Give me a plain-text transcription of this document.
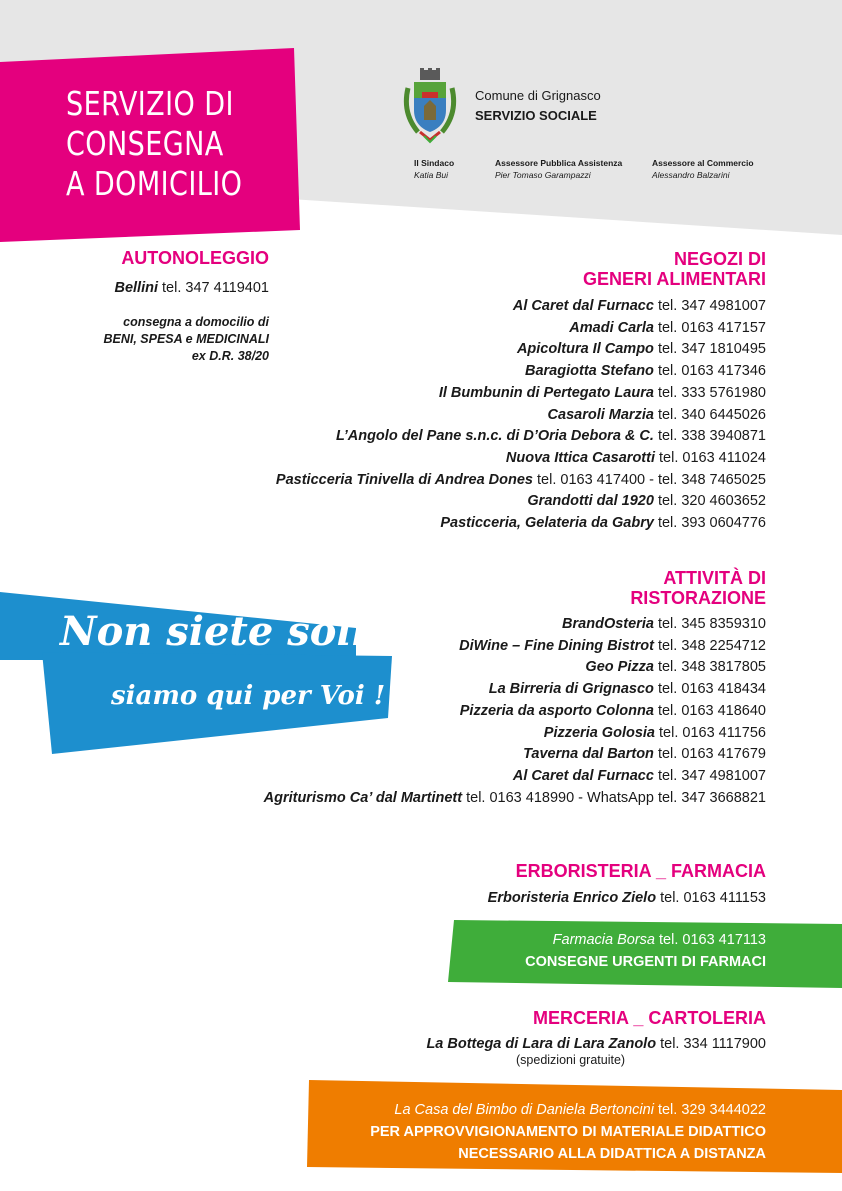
SERVIZIO DI
CONSEGNA
A DOMICILIO
Comune di Grignasco
SERVIZIO SOCIALE
Il Sindaco
Katia Bui
Assessore Pubblica Assistenza
Pier Tomaso Garampazzi
Assessore al Commercio
Alessandro Balzarini
AUTONOLEGGIO
Bellini tel. 347 4119401
consegna a domocilio di
BENI, SPESA e MEDICINALI
ex D.R. 38/20
NEGOZI DI
GENERI ALIMENTARI
Al Caret dal Furnacc tel. 347 4981007
Amadi Carla tel. 0163 417157
Apicoltura Il Campo tel. 347 1810495
Baragiotta Stefano tel. 0163 417346
Il Bumbunin di Pertegato Laura tel. 333 5761980
Casaroli Marzia tel. 340 6445026
L’Angolo del Pane s.n.c. di D’Oria Debora & C. tel. 338 3940871
Nuova Ittica Casarotti tel. 0163 411024
Pasticceria Tinivella di Andrea Dones tel. 0163 417400 - tel. 348 7465025
Grandotti dal 1920 tel. 320 4603652
Pasticceria, Gelateria da Gabry tel. 393 0604776
Non siete soli
siamo qui per Voi !
ATTIVITÀ DI
RISTORAZIONE
BrandOsteria tel. 345 8359310
DiWine – Fine Dining Bistrot tel. 348 2254712
Geo Pizza tel. 348 3817805
La Birreria di Grignasco tel. 0163 418434
Pizzeria da asporto Colonna tel. 0163 418640
Pizzeria Golosia tel. 0163 411756
Taverna dal Barton tel. 0163 417679
Al Caret dal Furnacc tel. 347 4981007
Agriturismo Ca’ dal Martinett tel. 0163 418990 - WhatsApp tel. 347 3668821
ERBORISTERIA _ FARMACIA
Erboristeria Enrico Zielo tel. 0163 411153
Farmacia Borsa tel. 0163 417113
CONSEGNE URGENTI DI FARMACI
MERCERIA _ CARTOLERIA
La Bottega di Lara di Lara Zanolo tel. 334 1117900
(spedizioni gratuite)
La Casa del Bimbo di Daniela Bertoncini tel. 329 3444022
PER APPROVVIGIONAMENTO DI MATERIALE DIDATTICO
NECESSARIO ALLA DIDATTICA A DISTANZA
